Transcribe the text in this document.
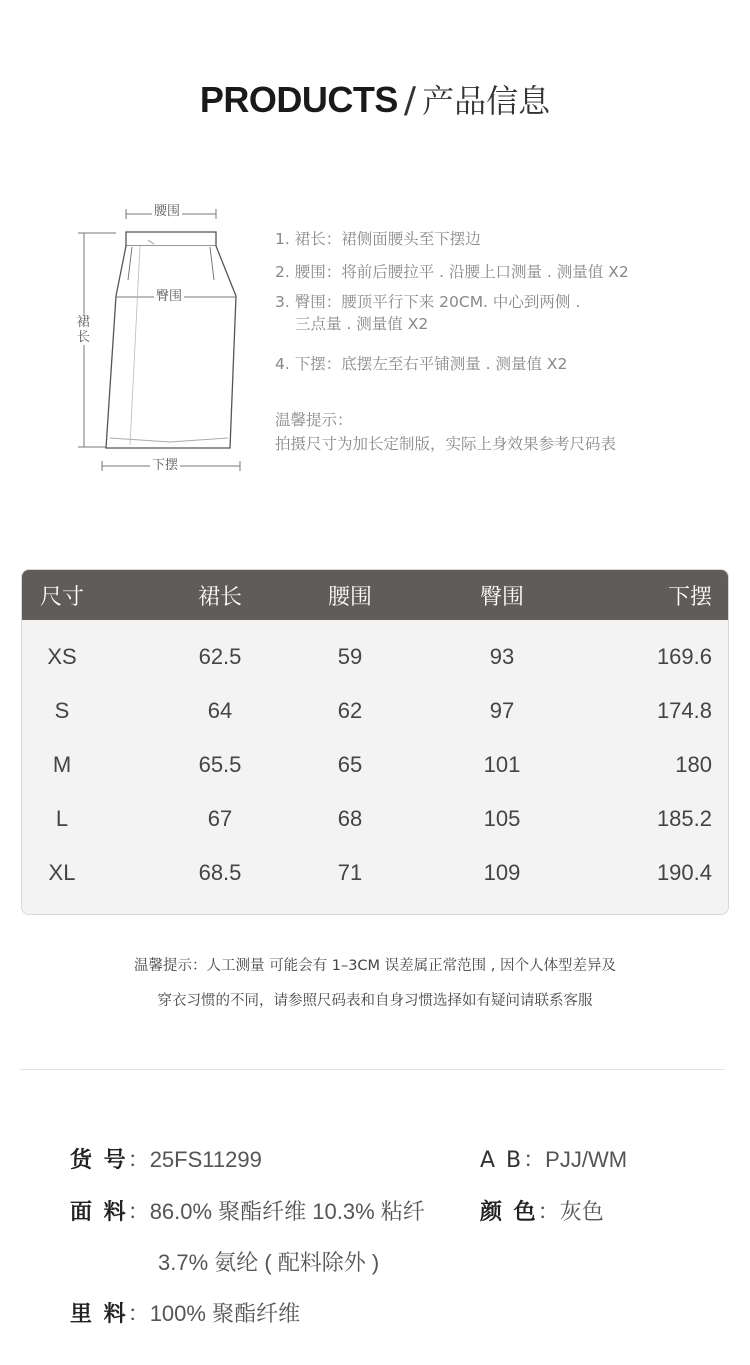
PRODUCTS / 产品信息
腰围
臀围
裙
长
下摆
1. 裙长：裙侧面腰头至下摆边
2. 腰围：将前后腰拉平 . 沿腰上口测量 . 测量值 X2
3. 臀围：腰顶平行下来 20CM. 中心到两侧 .
三点量 . 测量值 X2
4. 下摆：底摆左至右平铺测量 . 测量值 X2
温馨提示：
拍摄尺寸为加长定制版，实际上身效果参考尺码表
尺寸	裙长	腰围	臀围	下摆
XS	62.5	59	93	169.6
S	64	62	97	174.8
M	65.5	65	101	180
L	67	68	105	185.2
XL	68.5	71	109	190.4
温馨提示：人工测量 可能会有 1–3CM 误差属正常范围 , 因个人体型差异及
穿衣习惯的不同，请参照尺码表和自身习惯选择如有疑问请联系客服
货 号：25FS11299	A B：PJJ/WM
面 料：86.0% 聚酯纤维 10.3% 粘纤	颜 色：灰色
3.7% 氨纶 ( 配料除外 )
里 料：100% 聚酯纤维
